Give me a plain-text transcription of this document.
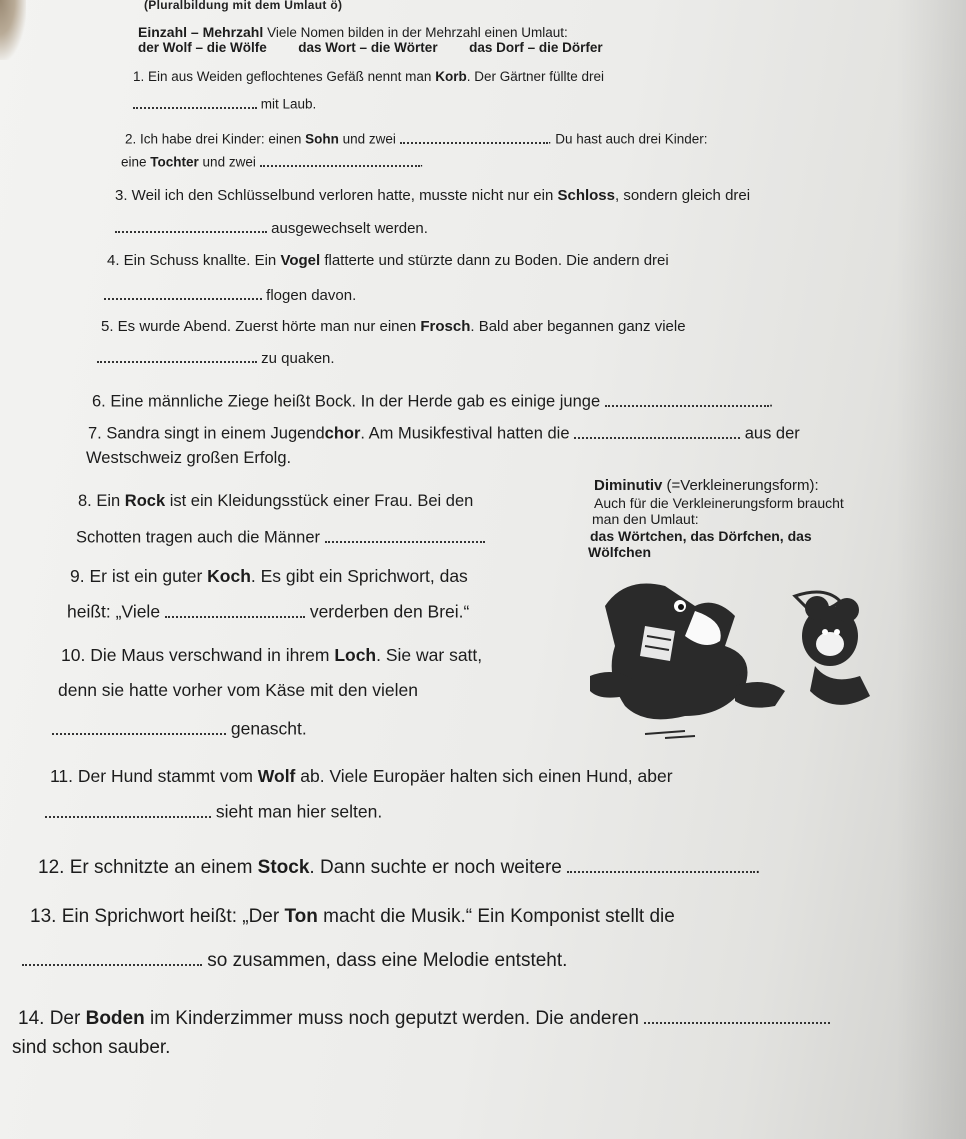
(Pluralbildung mit dem Umlaut ö)
Einzahl – Mehrzahl Viele Nomen bilden in der Mehrzahl einen Umlaut:
der Wolf – die Wölfe das Wort – die Wörter das Dorf – die Dörfer
1. Ein aus Weiden geflochtenes Gefäß nennt man Korb. Der Gärtner füllte drei
mit Laub.
2. Ich habe drei Kinder: einen Sohn und zwei	. Du hast auch drei Kinder:
eine Tochter und zwei	.
3. Weil ich den Schlüsselbund verloren hatte, musste nicht nur ein Schloss, sondern gleich drei
ausgewechselt werden.
4. Ein Schuss knallte. Ein Vogel flatterte und stürzte dann zu Boden. Die andern drei
flogen davon.
5. Es wurde Abend. Zuerst hörte man nur einen Frosch. Bald aber begannen ganz viele
zu quaken.
6. Eine männliche Ziege heißt Bock. In der Herde gab es einige junge	.
7. Sandra singt in einem Jugendchor. Am Musikfestival hatten die	aus der
Westschweiz großen Erfolg.
8. Ein Rock ist ein Kleidungsstück einer Frau. Bei den
Schotten tragen auch die Männer
Diminutiv (=Verkleinerungsform):
Auch für die Verkleinerungsform braucht
man den Umlaut:
das Wörtchen, das Dörfchen, das
Wölfchen
9. Er ist ein guter Koch. Es gibt ein Sprichwort, das
heißt: „Viele	verderben den Brei.“
10. Die Maus verschwand in ihrem Loch. Sie war satt,
denn sie hatte vorher vom Käse mit den vielen
genascht.
11. Der Hund stammt vom Wolf ab. Viele Europäer halten sich einen Hund, aber
sieht man hier selten.
12. Er schnitzte an einem Stock. Dann suchte er noch weitere	.
13. Ein Sprichwort heißt: „Der Ton macht die Musik.“ Ein Komponist stellt die
so zusammen, dass eine Melodie entsteht.
14. Der Boden im Kinderzimmer muss noch geputzt werden. Die anderen
sind schon sauber.
